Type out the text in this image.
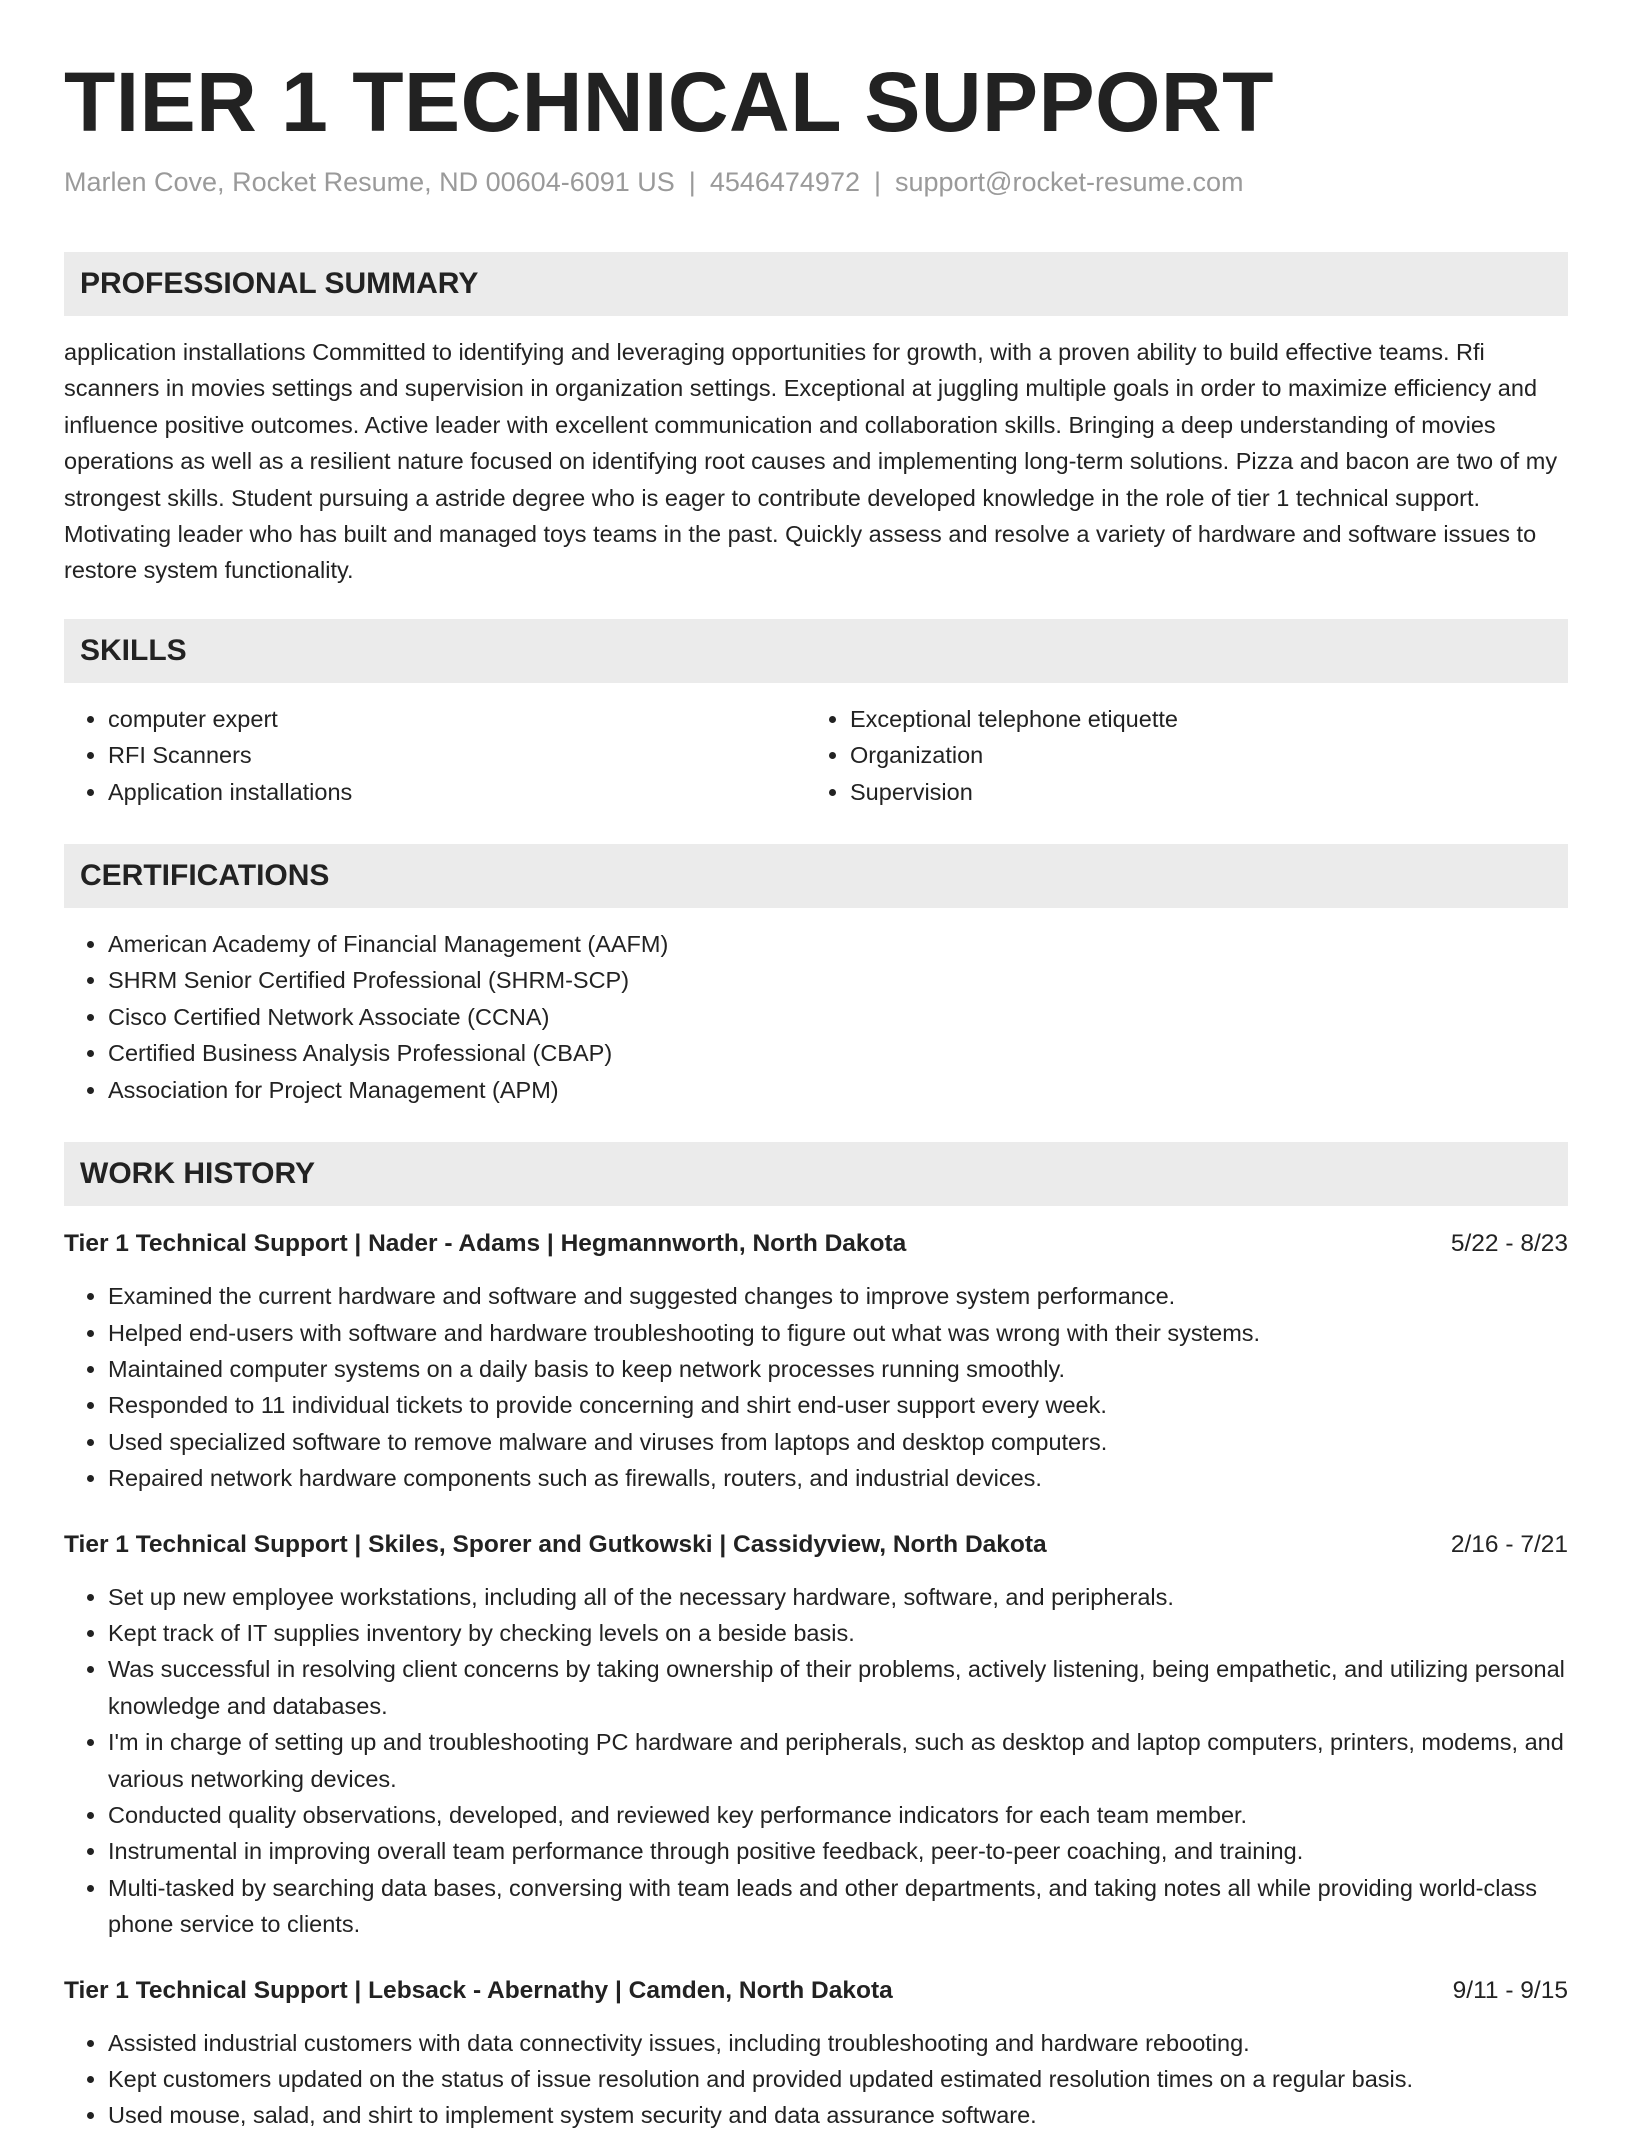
TIER 1 TECHNICAL SUPPORT
Marlen Cove, Rocket Resume, ND 00604-6091 US | 4546474972 | support@rocket-resume.com
PROFESSIONAL SUMMARY

application installations Committed to identifying and leveraging opportunities for growth, with a proven ability to build effective teams. Rfi scanners in movies settings and supervision in organization settings. Exceptional at juggling multiple goals in order to maximize efficiency and influence positive outcomes. Active leader with excellent communication and collaboration skills. Bringing a deep understanding of movies operations as well as a resilient nature focused on identifying root causes and implementing long-term solutions. Pizza and bacon are two of my strongest skills. Student pursuing a astride degree who is eager to contribute developed knowledge in the role of tier 1 technical support. Motivating leader who has built and managed toys teams in the past. Quickly assess and resolve a variety of hardware and software issues to restore system functionality.

SKILLS
• computer expert
• RFI Scanners
• Application installations
• Exceptional telephone etiquette
• Organization
• Supervision
CERTIFICATIONS
• American Academy of Financial Management (AAFM)
• SHRM Senior Certified Professional (SHRM-SCP)
• Cisco Certified Network Associate (CCNA)
• Certified Business Analysis Professional (CBAP)
• Association for Project Management (APM)
WORK HISTORY
Tier 1 Technical Support | Nader - Adams | Hegmannworth, North Dakota	5/22 - 8/23
• Examined the current hardware and software and suggested changes to improve system performance.
• Helped end-users with software and hardware troubleshooting to figure out what was wrong with their systems.
• Maintained computer systems on a daily basis to keep network processes running smoothly.
• Responded to 11 individual tickets to provide concerning and shirt end-user support every week.
• Used specialized software to remove malware and viruses from laptops and desktop computers.
• Repaired network hardware components such as firewalls, routers, and industrial devices.
Tier 1 Technical Support | Skiles, Sporer and Gutkowski | Cassidyview, North Dakota	2/16 - 7/21
• Set up new employee workstations, including all of the necessary hardware, software, and peripherals.
• Kept track of IT supplies inventory by checking levels on a beside basis.
• Was successful in resolving client concerns by taking ownership of their problems, actively listening, being empathetic, and utilizing personal knowledge and databases.
• I'm in charge of setting up and troubleshooting PC hardware and peripherals, such as desktop and laptop computers, printers, modems, and various networking devices.
• Conducted quality observations, developed, and reviewed key performance indicators for each team member.
• Instrumental in improving overall team performance through positive feedback, peer-to-peer coaching, and training.
• Multi-tasked by searching data bases, conversing with team leads and other departments, and taking notes all while providing world-class phone service to clients.
Tier 1 Technical Support | Lebsack - Abernathy | Camden, North Dakota	9/11 - 9/15
• Assisted industrial customers with data connectivity issues, including troubleshooting and hardware rebooting.
• Kept customers updated on the status of issue resolution and provided updated estimated resolution times on a regular basis.
• Used mouse, salad, and shirt to implement system security and data assurance software.
